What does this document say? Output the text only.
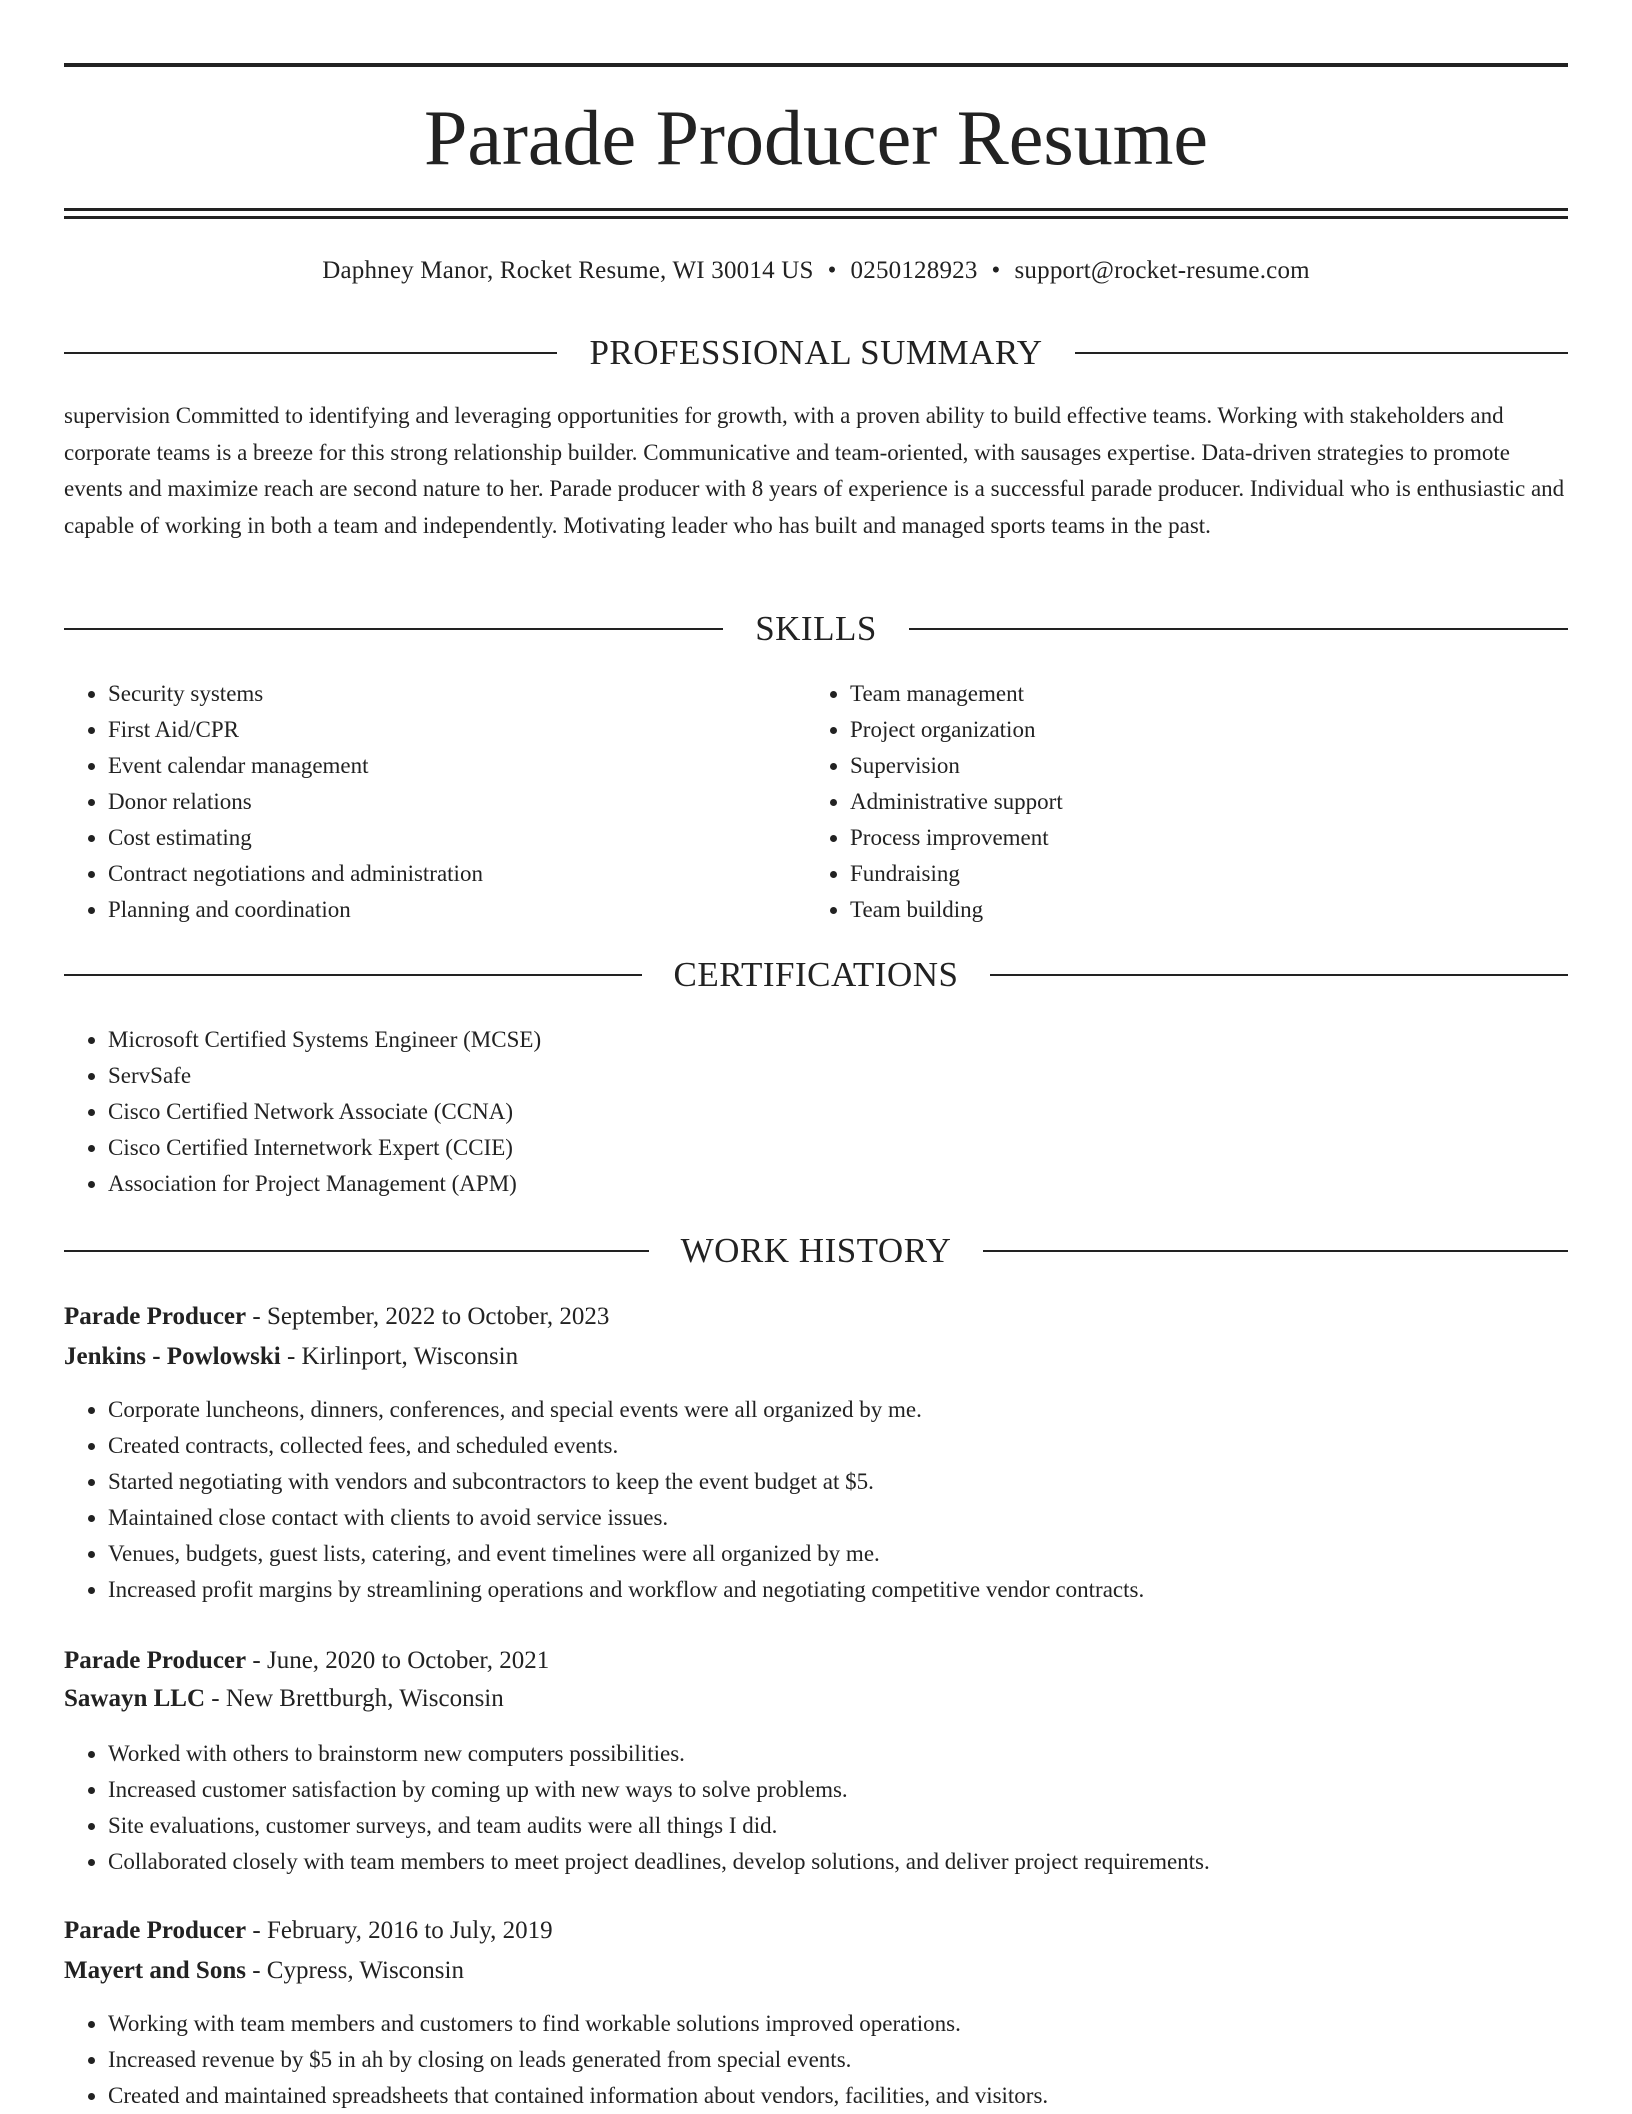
Parade Producer Resume
Daphney Manor, Rocket Resume, WI 30014 US • 0250128923 • support@rocket-resume.com
PROFESSIONAL SUMMARY

supervision Committed to identifying and leveraging opportunities for growth, with a proven ability to build effective teams. Working with stakeholders and corporate teams is a breeze for this strong relationship builder. Communicative and team-oriented, with sausages expertise. Data-driven strategies to promote events and maximize reach are second nature to her. Parade producer with 8 years of experience is a successful parade producer. Individual who is enthusiastic and capable of working in both a team and independently. Motivating leader who has built and managed sports teams in the past.

SKILLS
• Security systems
• First Aid/CPR
• Event calendar management
• Donor relations
• Cost estimating
• Contract negotiations and administration
• Planning and coordination
• Team management
• Project organization
• Supervision
• Administrative support
• Process improvement
• Fundraising
• Team building
CERTIFICATIONS
• Microsoft Certified Systems Engineer (MCSE)
• ServSafe
• Cisco Certified Network Associate (CCNA)
• Cisco Certified Internetwork Expert (CCIE)
• Association for Project Management (APM)
WORK HISTORY
Parade Producer - September, 2022 to October, 2023
Jenkins - Powlowski - Kirlinport, Wisconsin
• Corporate luncheons, dinners, conferences, and special events were all organized by me.
• Created contracts, collected fees, and scheduled events.
• Started negotiating with vendors and subcontractors to keep the event budget at $5.
• Maintained close contact with clients to avoid service issues.
• Venues, budgets, guest lists, catering, and event timelines were all organized by me.
• Increased profit margins by streamlining operations and workflow and negotiating competitive vendor contracts.
Parade Producer - June, 2020 to October, 2021
Sawayn LLC - New Brettburgh, Wisconsin
• Worked with others to brainstorm new computers possibilities.
• Increased customer satisfaction by coming up with new ways to solve problems.
• Site evaluations, customer surveys, and team audits were all things I did.
• Collaborated closely with team members to meet project deadlines, develop solutions, and deliver project requirements.
Parade Producer - February, 2016 to July, 2019
Mayert and Sons - Cypress, Wisconsin
• Working with team members and customers to find workable solutions improved operations.
• Increased revenue by $5 in ah by closing on leads generated from special events.
• Created and maintained spreadsheets that contained information about vendors, facilities, and visitors.
